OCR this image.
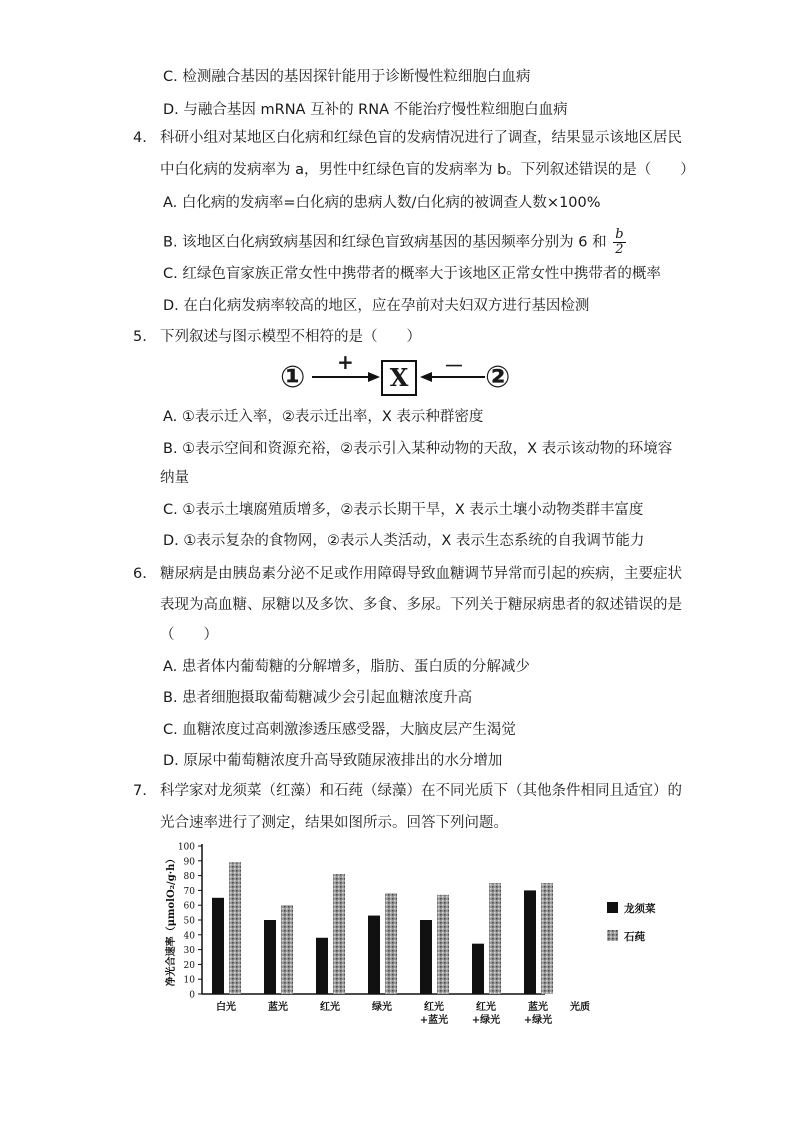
C. 检测融合基因的基因探针能用于诊断慢性粒细胞白血病
D. 与融合基因 mRNA 互补的 RNA 不能治疗慢性粒细胞白血病
4. 科研小组对某地区白化病和红绿色盲的发病情况进行了调查，结果显示该地区居民
中白化病的发病率为 a，男性中红绿色盲的发病率为 b。下列叙述错误的是（　　）
A. 白化病的发病率=白化病的患病人数/白化病的被调查人数×100%
B. 该地区白化病致病基因和红绿色盲致病基因的基因频率分别为 6 和 $\frac{b}{2}$
C. 红绿色盲家族正常女性中携带者的概率大于该地区正常女性中携带者的概率
D. 在白化病发病率较高的地区，应在孕前对夫妇双方进行基因检测
5. 下列叙述与图示模型不相符的是（　　）
① +
X	－ ②
A. ①表示迁入率，②表示迁出率，X 表示种群密度
B. ①表示空间和资源充裕，②表示引入某种动物的天敌，X 表示该动物的环境容
纳量
C. ①表示土壤腐殖质增多，②表示长期干旱，X 表示土壤小动物类群丰富度
D. ①表示复杂的食物网，②表示人类活动，X 表示生态系统的自我调节能力
6. 糖尿病是由胰岛素分泌不足或作用障碍导致血糖调节异常而引起的疾病，主要症状
表现为高血糖、尿糖以及多饮、多食、多尿。下列关于糖尿病患者的叙述错误的是
（　　）
A. 患者体内葡萄糖的分解增多，脂肪、蛋白质的分解减少
B. 患者细胞摄取葡萄糖减少会引起血糖浓度升高
C. 血糖浓度过高刺激渗透压感受器，大脑皮层产生渴觉
D. 原尿中葡萄糖浓度升高导致随尿液排出的水分增加
7. 科学家对龙须菜（红藻）和石莼（绿藻）在不同光质下（其他条件相同且适宜）的
光合速率进行了测定，结果如图所示。回答下列问题。
0
10
20
30
40
50
60
70
80
90
100
净光合速率（μmolO₂/g·h）
白光	蓝光	红光	绿光	红光
+蓝光
红光
+绿光
蓝光
+绿光
光质
龙须菜
石莼
